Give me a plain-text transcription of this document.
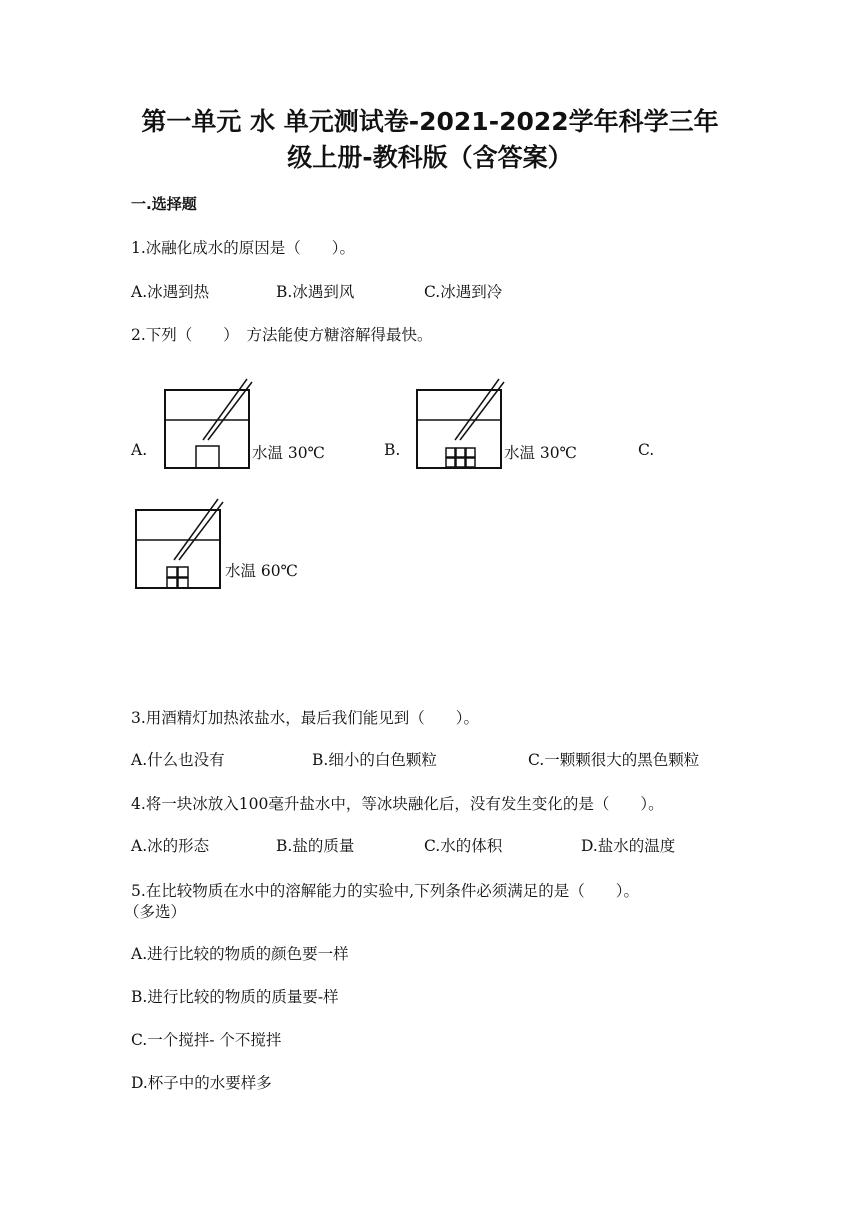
第一单元 水 单元测试卷-2021-2022学年科学三年
级上册-教科版（含答案）
一.选择题
1.冰融化成水的原因是（　　）。
A.冰遇到热	B.冰遇到风	C.冰遇到冷
2.下列（　　）　方法能使方糖溶解得最快。
A.	水温 30℃	B.	水温 30℃	C.
水温 60℃
3.用酒精灯加热浓盐水，最后我们能见到（　　）。
A.什么也没有	B.细小的白色颗粒	C.一颗颗很大的黑色颗粒
4.将一块冰放入100毫升盐水中，等冰块融化后，没有发生变化的是（　　）。
A.冰的形态	B.盐的质量	C.水的体积	D.盐水的温度
5.在比较物质在水中的溶解能力的实验中,下列条件必须满足的是（　　）。
（多选）
A.进行比较的物质的颜色要一样
B.进行比较的物质的质量要-样
C.一个搅拌- 个不搅拌
D.杯子中的水要样多
